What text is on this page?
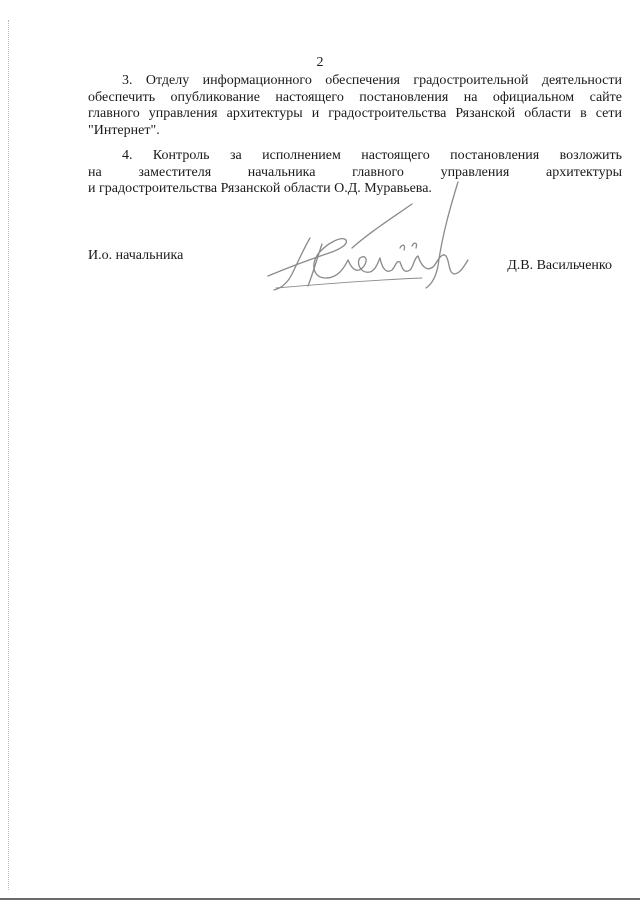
2
3. Отделу информационного обеспечения градостроительной деятельности
обеспечить опубликование настоящего постановления на официальном сайте
главного управления архитектуры и градостроительства Рязанской области в сети
"Интернет".
4. Контроль за исполнением настоящего постановления возложить
на заместителя начальника главного управления архитектуры
и градостроительства Рязанской области О.Д. Муравьева.
И.о. начальника
Д.В. Васильченко
